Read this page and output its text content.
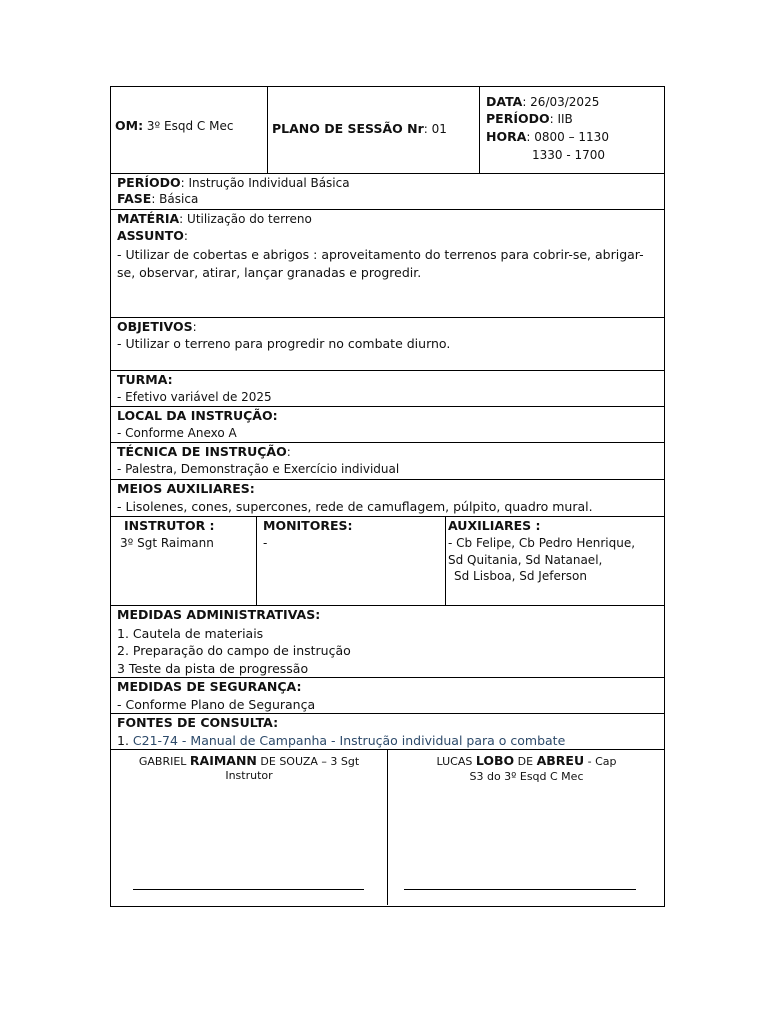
OM: 3º Esqd C Mec	PLANO DE SESSÃO Nr: 01
DATA: 26/03/2025
PERÍODO: IIB
HORA: 0800 – 1130
1330 - 1700
PERÍODO: Instrução Individual Básica
FASE: Básica
MATÉRIA: Utilização do terreno
ASSUNTO:
- Utilizar de cobertas e abrigos : aproveitamento do terrenos para cobrir-se, abrigar-
se, observar, atirar, lançar granadas e progredir.
OBJETIVOS:
- Utilizar o terreno para progredir no combate diurno.
TURMA:
- Efetivo variável de 2025
LOCAL DA INSTRUÇÃO:
- Conforme Anexo A
TÉCNICA DE INSTRUÇÃO:
- Palestra, Demonstração e Exercício individual
MEIOS AUXILIARES:
- Lisolenes, cones, supercones, rede de camuflagem, púlpito, quadro mural.
INSTRUTOR :
3º Sgt Raimann
MONITORES:
-
AUXILIARES :
- Cb Felipe, Cb Pedro Henrique,
Sd Quitania, Sd Natanael,
Sd Lisboa, Sd Jeferson
MEDIDAS ADMINISTRATIVAS:
1. Cautela de materiais
2. Preparação do campo de instrução
3 Teste da pista de progressão
MEDIDAS DE SEGURANÇA:
- Conforme Plano de Segurança
FONTES DE CONSULTA:
1. C21-74 - Manual de Campanha - Instrução individual para o combate
GABRIEL RAIMANN DE SOUZA – 3 Sgt
Instrutor
LUCAS LOBO DE ABREU - Cap
S3 do 3º Esqd C Mec
